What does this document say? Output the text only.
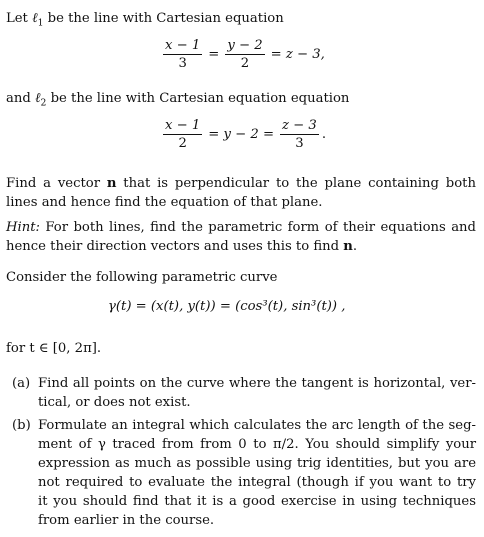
Let ℓ$_1$ be the line with Cartesian equation
$\frac{x - 1}{3} = \frac{y - 2}{2} = z - 3$,
and ℓ$_2$ be the line with Cartesian equation equation
$\frac{x - 1}{2} = y - 2 = \frac{z - 3}{3}$ .
Find a vector n that is perpendicular to the plane containing both
lines and hence find the equation of that plane.
Hint: For both lines, find the parametric form of their equations and
hence their direction vectors and uses this to find n.
Consider the following parametric curve
γ(t) = (x(t), y(t)) = (cos³(t), sin³(t)) ,
for t ∈ [0, 2π].
(a) Find all points on the curve where the tangent is horizontal, ver-
tical, or does not exist.
(b) Formulate an integral which calculates the arc length of the seg-
ment of γ traced from from 0 to π/2. You should simplify your
expression as much as possible using trig identities, but you are
not required to evaluate the integral (though if you want to try
it you should find that it is a good exercise in using techniques
from earlier in the course.
